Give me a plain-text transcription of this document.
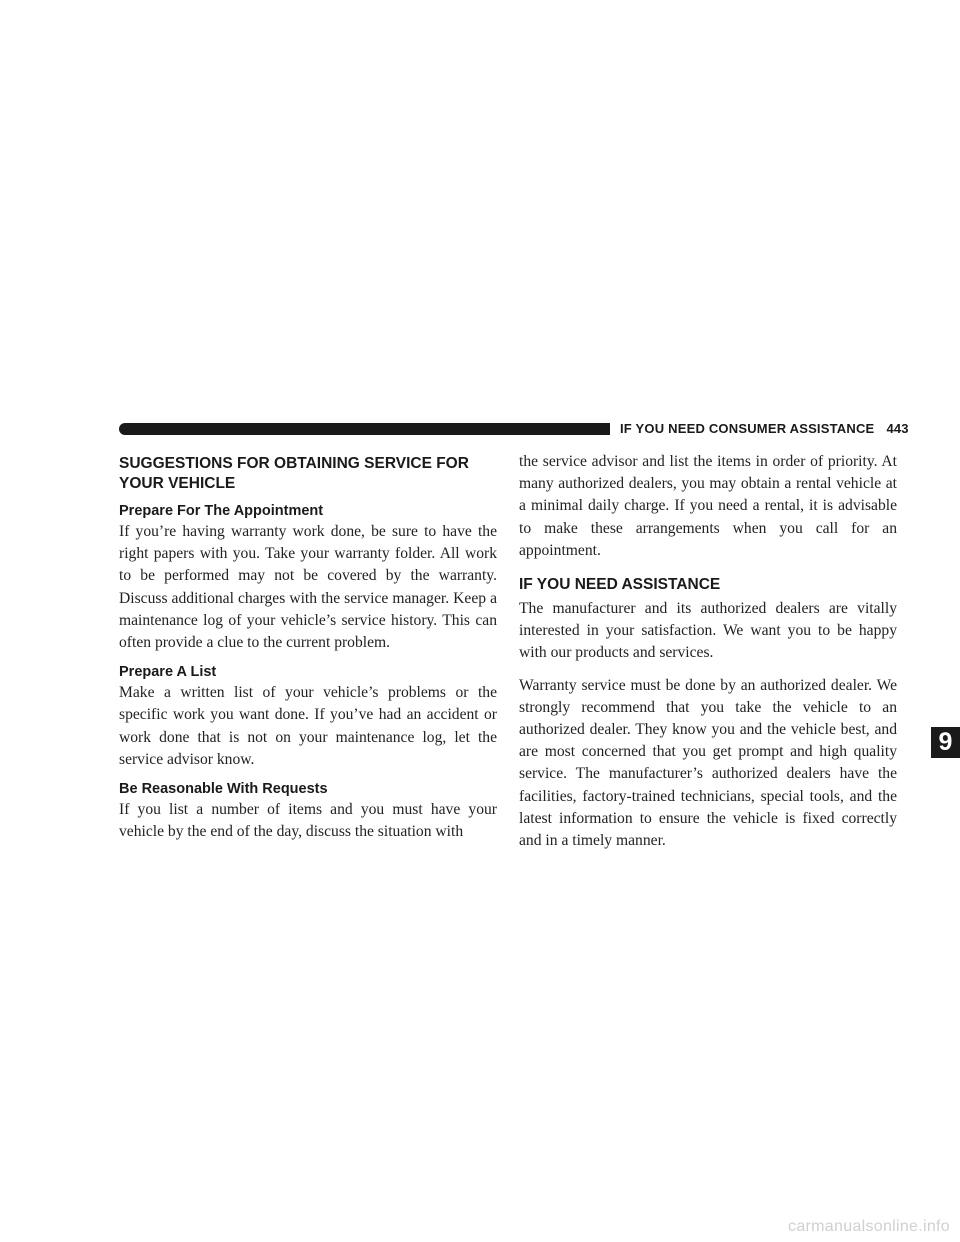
IF YOU NEED CONSUMER ASSISTANCE 443
SUGGESTIONS FOR OBTAINING SERVICE FOR YOUR VEHICLE
Prepare For The Appointment

If you’re having warranty work done, be sure to have the right papers with you. Take your warranty folder. All work to be performed may not be covered by the warranty. Discuss additional charges with the service manager. Keep a maintenance log of your vehicle’s service history. This can often provide a clue to the current problem.

Prepare A List

Make a written list of your vehicle’s problems or the specific work you want done. If you’ve had an accident or work done that is not on your maintenance log, let the service advisor know.

Be Reasonable With Requests

If you list a number of items and you must have your vehicle by the end of the day, discuss the situation with

the service advisor and list the items in order of priority. At many authorized dealers, you may obtain a rental vehicle at a minimal daily charge. If you need a rental, it is advisable to make these arrangements when you call for an appointment.

IF YOU NEED ASSISTANCE

The manufacturer and its authorized dealers are vitally interested in your satisfaction. We want you to be happy with our products and services.

Warranty service must be done by an authorized dealer. We strongly recommend that you take the vehicle to an authorized dealer. They know you and the vehicle best, and are most concerned that you get prompt and high quality service. The manufacturer’s authorized dealers have the facilities, factory-trained technicians, special tools, and the latest information to ensure the vehicle is fixed correctly and in a timely manner.

9
carmanualsonline.info
